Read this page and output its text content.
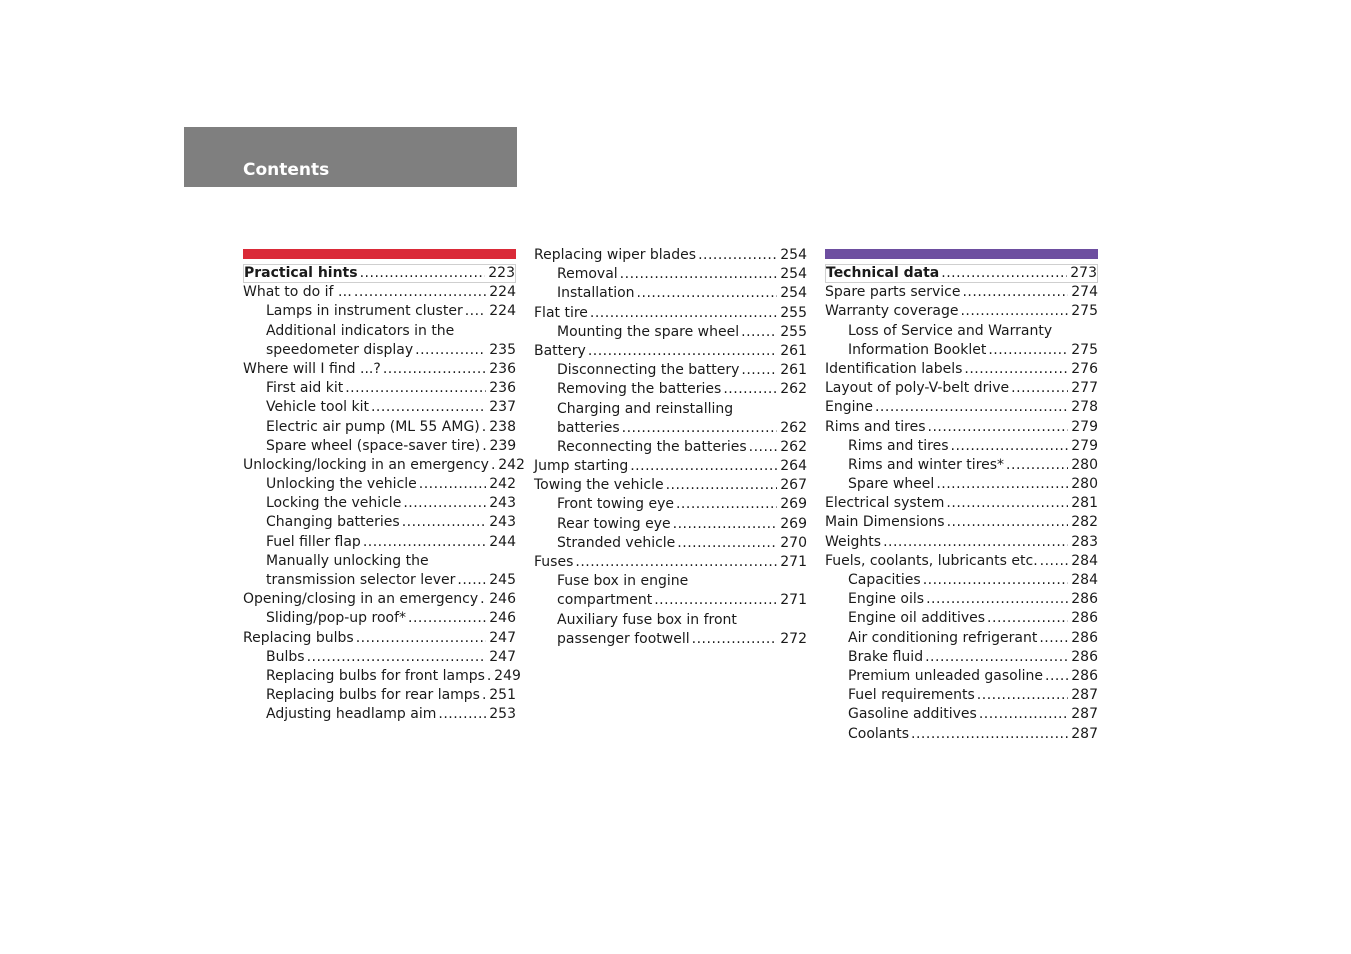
Contents
Practical hints .....	223
What to do if … .....	224
Lamps in instrument cluster ..... 224
Additional indicators in the
speedometer display .....	235
Where will I find ...? .....	236
First aid kit .....	236
Vehicle tool kit .....	237
Electric air pump (ML 55 AMG) ..... 238
Spare wheel (space-saver tire) ..... 239
Unlocking/locking in an emergency ..... 242
Unlocking the vehicle .....	242
Locking the vehicle .....	243
Changing batteries .....	243
Fuel filler flap .....	244
Manually unlocking the
transmission selector lever ..... 245
Opening/closing in an emergency ..... 246
Sliding/pop-up roof* .....	246
Replacing bulbs .....	247
Bulbs .....	247
Replacing bulbs for front lamps ..... 249
Replacing bulbs for rear lamps ..... 251
Adjusting headlamp aim .....	253
Replacing wiper blades .....	254
Removal .....	254
Installation .....	254
Flat tire .....	255
Mounting the spare wheel .....	255
Battery .....	261
Disconnecting the battery .....	261
Removing the batteries .....	262
Charging and reinstalling
batteries .....	262
Reconnecting the batteries ..... 262
Jump starting .....	264
Towing the vehicle .....	267
Front towing eye .....	269
Rear towing eye .....	269
Stranded vehicle .....	270
Fuses .....	271
Fuse box in engine
compartment .....	271
Auxiliary fuse box in front
passenger footwell .....	272
Technical data .....	273
Spare parts service .....	274
Warranty coverage .....	275
Loss of Service and Warranty
Information Booklet .....	275
Identification labels .....	276
Layout of poly-V-belt drive .....	277
Engine .....	278
Rims and tires .....	279
Rims and tires .....	279
Rims and winter tires* .....	280
Spare wheel .....	280
Electrical system .....	281
Main Dimensions .....	282
Weights .....	283
Fuels, coolants, lubricants etc. ..... 284
Capacities .....	284
Engine oils .....	286
Engine oil additives .....	286
Air conditioning refrigerant ..... 286
Brake fluid .....	286
Premium unleaded gasoline ..... 286
Fuel requirements .....	287
Gasoline additives .....	287
Coolants .....	287
